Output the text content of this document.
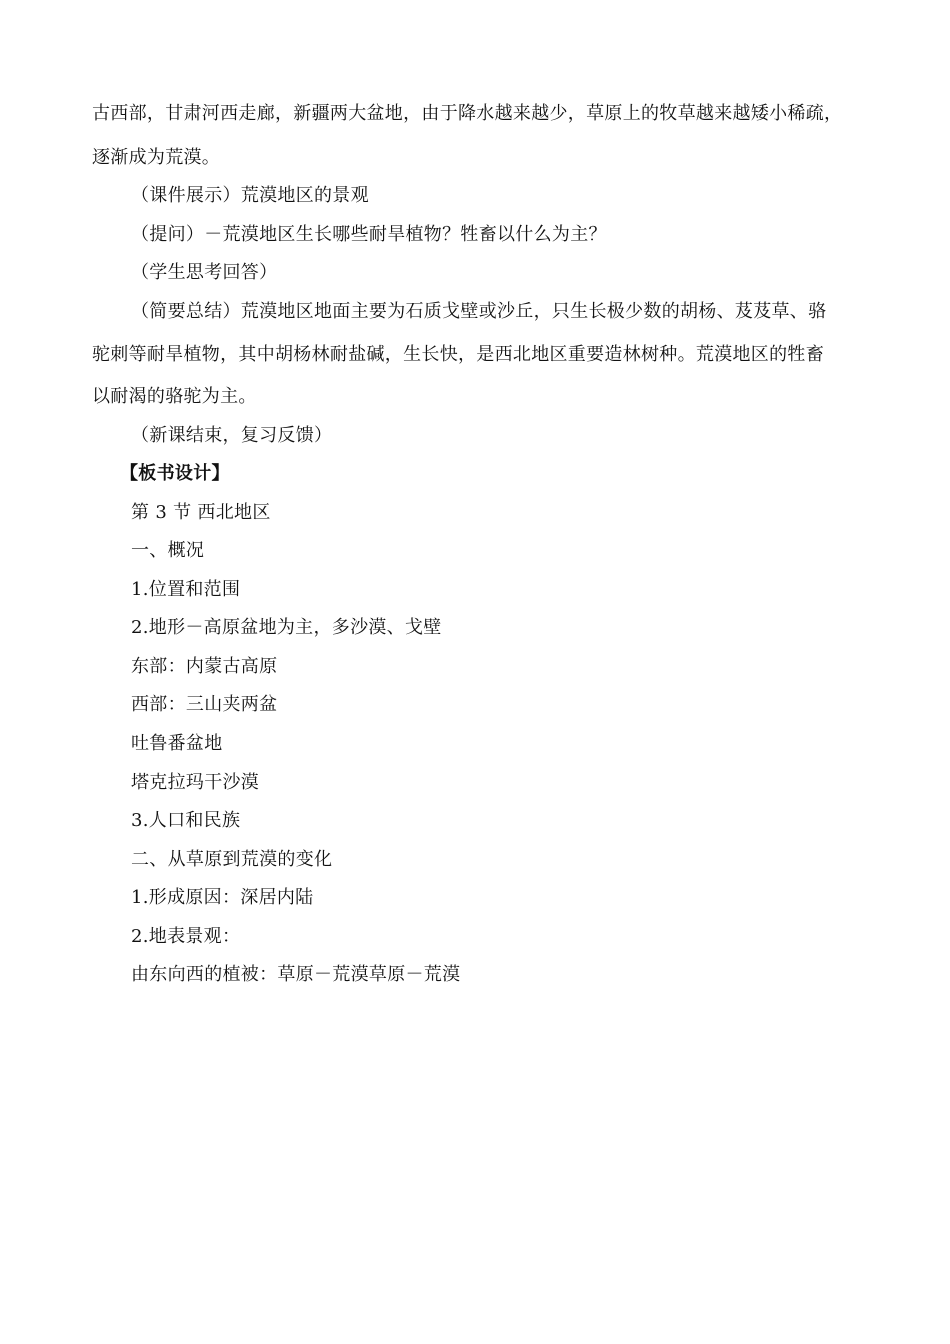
古西部，甘肃河西走廊，新疆两大盆地，由于降水越来越少，草原上的牧草越来越矮小稀疏，
逐渐成为荒漠。
（课件展示）荒漠地区的景观
（提问）－荒漠地区生长哪些耐旱植物？牲畜以什么为主？
（学生思考回答）
（简要总结）荒漠地区地面主要为石质戈壁或沙丘，只生长极少数的胡杨、芨芨草、骆
驼刺等耐旱植物，其中胡杨林耐盐碱，生长快，是西北地区重要造林树种。荒漠地区的牲畜
以耐渴的骆驼为主。
（新课结束，复习反馈）
【板书设计】
第 3 节 西北地区
一、概况
1.位置和范围
2.地形－高原盆地为主，多沙漠、戈壁
东部：内蒙古高原
西部：三山夹两盆
吐鲁番盆地
塔克拉玛干沙漠
3.人口和民族
二、从草原到荒漠的变化
1.形成原因：深居内陆
2.地表景观：
由东向西的植被：草原－荒漠草原－荒漠
